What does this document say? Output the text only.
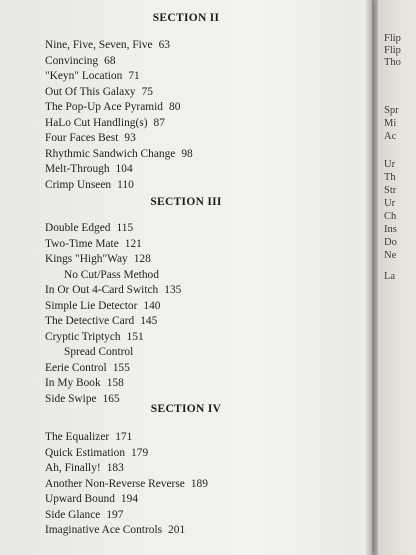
SECTION II
Nine, Five, Seven, Five 63
Convincing 68
"Keyn" Location 71
Out Of This Galaxy 75
The Pop-Up Ace Pyramid 80
HaLo Cut Handling(s) 87
Four Faces Best 93
Rhythmic Sandwich Change 98
Melt-Through 104
Crimp Unseen 110
SECTION III
Double Edged 115
Two-Time Mate 121
Kings "High"Way 128
No Cut/Pass Method
In Or Out 4-Card Switch 135
Simple Lie Detector 140
The Detective Card 145
Cryptic Triptych 151
Spread Control
Eerie Control 155
In My Book 158
Side Swipe 165
SECTION IV
The Equalizer 171
Quick Estimation 179
Ah, Finally! 183
Another Non-Reverse Reverse 189
Upward Bound 194
Side Glance 197
Imaginative Ace Controls 201
Flip
Flip
Tho
Spr
Mi
Ac
Ur
Th
Str
Ur
Ch
Ins
Do
Ne
La
